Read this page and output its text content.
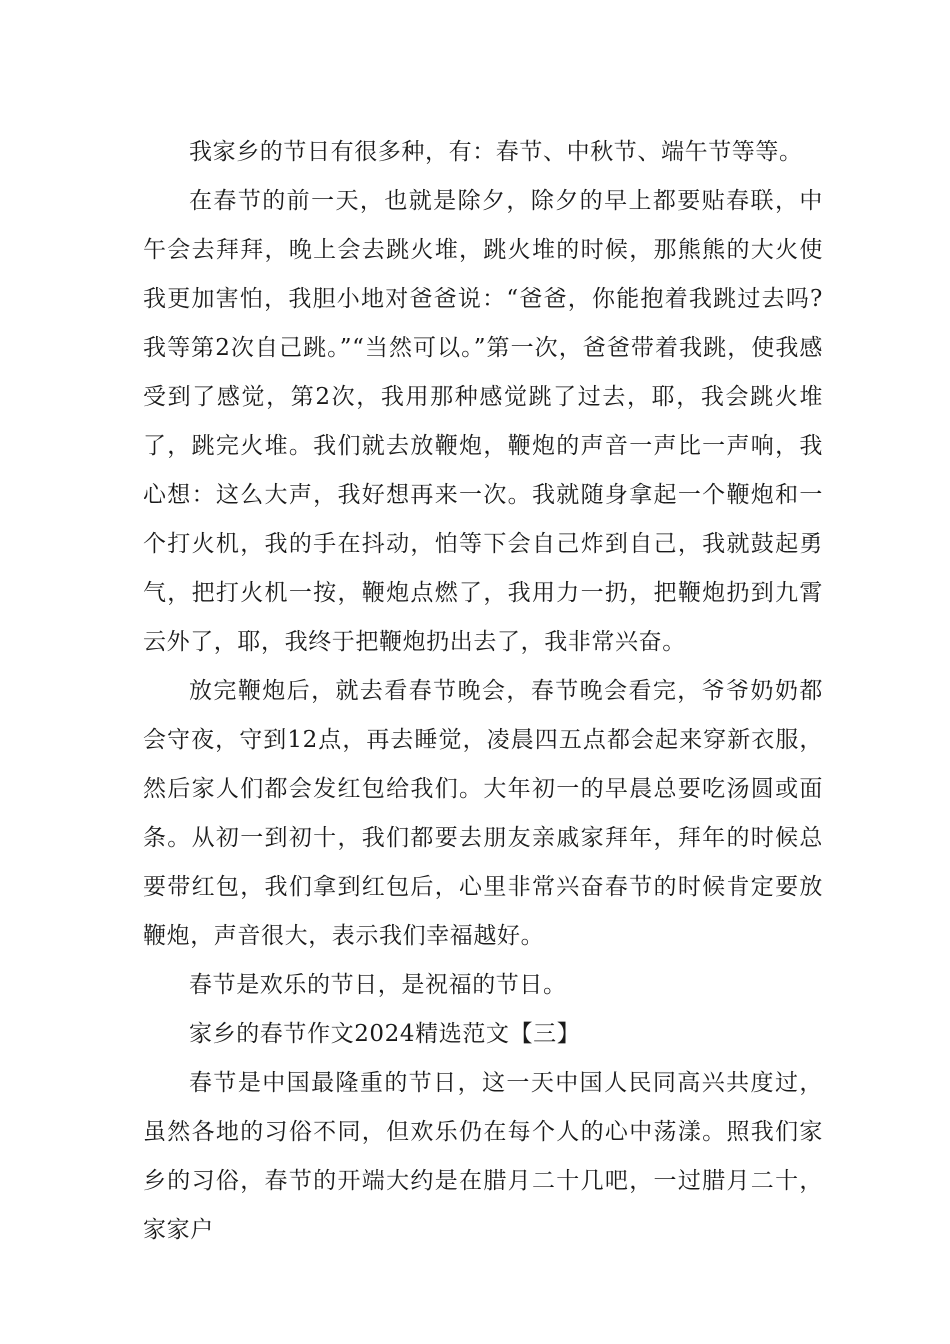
我家乡的节日有很多种，有：春节、中秋节、端午节等等。

在春节的前一天，也就是除夕，除夕的早上都要贴春联，中午会去拜拜，晚上会去跳火堆，跳火堆的时候，那熊熊的大火使我更加害怕，我胆小地对爸爸说：“爸爸，你能抱着我跳过去吗?我等第2次自己跳。”“当然可以。”第一次，爸爸带着我跳，使我感受到了感觉，第2次，我用那种感觉跳了过去，耶，我会跳火堆了，跳完火堆。我们就去放鞭炮，鞭炮的声音一声比一声响，我心想：这么大声，我好想再来一次。我就随身拿起一个鞭炮和一个打火机，我的手在抖动，怕等下会自己炸到自己，我就鼓起勇气，把打火机一按，鞭炮点燃了，我用力一扔，把鞭炮扔到九霄云外了，耶，我终于把鞭炮扔出去了，我非常兴奋。

放完鞭炮后，就去看春节晚会，春节晚会看完，爷爷奶奶都会守夜，守到12点，再去睡觉，凌晨四五点都会起来穿新衣服，然后家人们都会发红包给我们。大年初一的早晨总要吃汤圆或面条。从初一到初十，我们都要去朋友亲戚家拜年，拜年的时候总要带红包，我们拿到红包后，心里非常兴奋春节的时候肯定要放鞭炮，声音很大，表示我们幸福越好。

春节是欢乐的节日，是祝福的节日。

家乡的春节作文2024精选范文【三】

春节是中国最隆重的节日，这一天中国人民同高兴共度过，虽然各地的习俗不同，但欢乐仍在每个人的心中荡漾。照我们家乡的习俗，春节的开端大约是在腊月二十几吧，一过腊月二十，家家户
